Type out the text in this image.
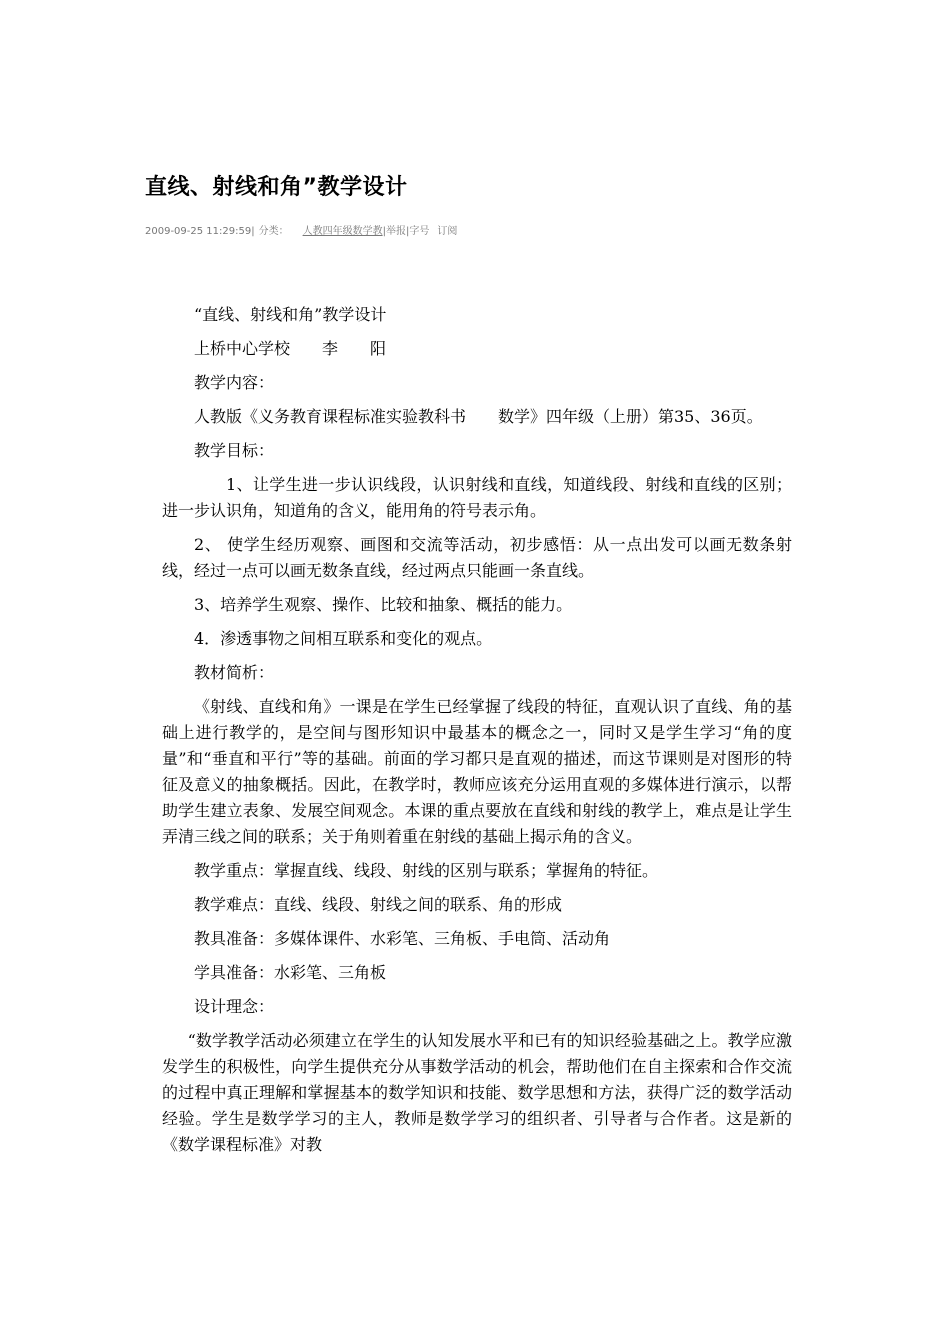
直线、射线和角”教学设计
2009-09-25 11:29:59| 分类： 人教四年级数学教|举报|字号 订阅

“直线、射线和角”教学设计

上桥中心学校　　李　　阳

教学内容：

人教版《义务教育课程标准实验教科书　　数学》四年级（上册）第35、36页。

教学目标：

1、让学生进一步认识线段，认识射线和直线，知道线段、射线和直线的区别；进一步认识角，知道角的含义，能用角的符号表示角。

2、 使学生经历观察、画图和交流等活动，初步感悟：从一点出发可以画无数条射线，经过一点可以画无数条直线，经过两点只能画一条直线。

3、培养学生观察、操作、比较和抽象、概括的能力。

4．渗透事物之间相互联系和变化的观点。

教材简析：

《射线、直线和角》一课是在学生已经掌握了线段的特征，直观认识了直线、角的基础上进行教学的，是空间与图形知识中最基本的概念之一，同时又是学生学习“角的度量”和“垂直和平行”等的基础。前面的学习都只是直观的描述，而这节课则是对图形的特征及意义的抽象概括。因此，在教学时，教师应该充分运用直观的多媒体进行演示，以帮助学生建立表象、发展空间观念。本课的重点要放在直线和射线的教学上，难点是让学生弄清三线之间的联系；关于角则着重在射线的基础上揭示角的含义。

教学重点：掌握直线、线段、射线的区别与联系；掌握角的特征。

教学难点：直线、线段、射线之间的联系、角的形成

教具准备：多媒体课件、水彩笔、三角板、手电筒、活动角

学具准备：水彩笔、三角板

设计理念：

“数学教学活动必须建立在学生的认知发展水平和已有的知识经验基础之上。教学应激发学生的积极性，向学生提供充分从事数学活动的机会，帮助他们在自主探索和合作交流的过程中真正理解和掌握基本的数学知识和技能、数学思想和方法，获得广泛的数学活动经验。学生是数学学习的主人，教师是数学学习的组织者、引导者与合作者。这是新的《数学课程标准》对教
